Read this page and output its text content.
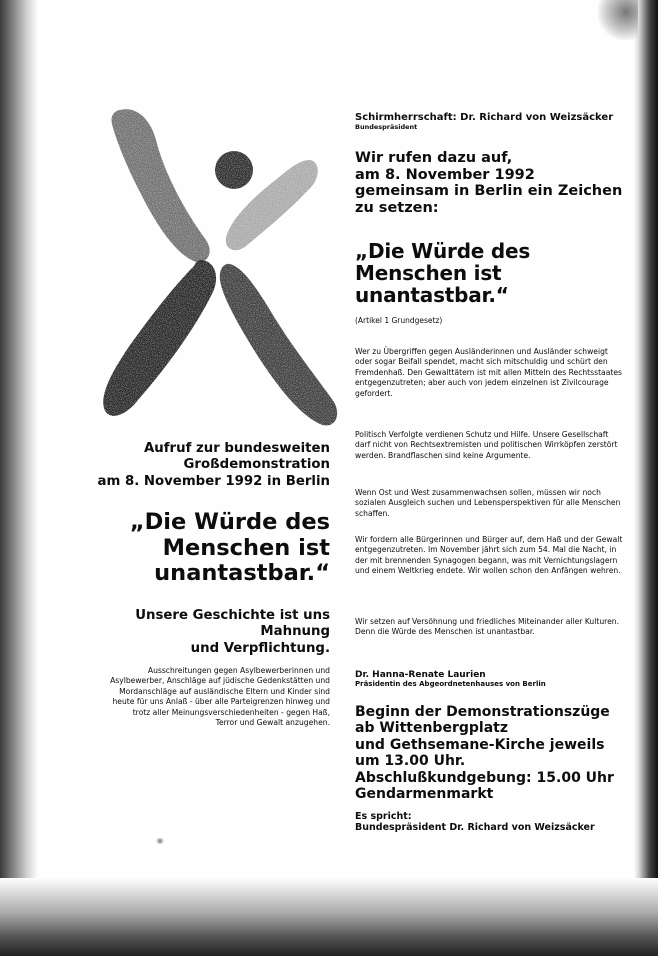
Schirmherrschaft: Dr. Richard von Weizsäcker
Bundespräsident
Wir rufen dazu auf,
am 8. November 1992
gemeinsam in Berlin ein Zeichen
zu setzen:
„Die Würde des
Menschen ist
unantastbar.“
(Artikel 1 Grundgesetz)

Wer zu Übergriffen gegen Ausländerinnen und Ausländer schweigt oder sogar Beifall spendet, macht sich mitschuldig und schürt den Fremdenhaß. Den Gewalttätern ist mit allen Mitteln des Rechtsstaates entgegenzutreten; aber auch von jedem einzelnen ist Zivilcourage gefordert.

Politisch Verfolgte verdienen Schutz und Hilfe. Unsere Gesellschaft darf nicht von Rechtsextremisten und politischen Wirrköpfen zerstört werden. Brandflaschen sind keine Argumente.

Wenn Ost und West zusammenwachsen sollen, müssen wir noch sozialen Ausgleich suchen und Lebensperspektiven für alle Menschen schaffen.

Wir fordern alle Bürgerinnen und Bürger auf, dem Haß und der Gewalt entgegenzutreten. Im November jährt sich zum 54. Mal die Nacht, in der mit brennenden Synagogen begann, was mit Vernichtungslagern und einem Weltkrieg endete. Wir wollen schon den Anfängen wehren.

Wir setzen auf Versöhnung und friedliches Miteinander aller Kulturen. Denn die Würde des Menschen ist unantastbar.

Dr. Hanna-Renate Laurien
Präsidentin des Abgeordnetenhauses von Berlin
Beginn der Demonstrationszüge
ab Wittenbergplatz
und Gethsemane-Kirche jeweils
um 13.00 Uhr.
Abschlußkundgebung: 15.00 Uhr
Gendarmenmarkt
Es spricht:
Bundespräsident Dr. Richard von Weizsäcker
Aufruf zur bundesweiten
Großdemonstration
am 8. November 1992 in Berlin
„Die Würde des
Menschen ist
unantastbar.“
Unsere Geschichte ist uns
Mahnung
und Verpflichtung.
Ausschreitungen gegen Asylbewerberinnen und Asylbewerber, Anschläge auf jüdische Gedenkstätten und Mordanschläge auf ausländische Eltern und Kinder sind heute für uns Anlaß - über alle Parteigrenzen hinweg und trotz aller Meinungsverschiedenheiten - gegen Haß, Terror und Gewalt anzugehen.
